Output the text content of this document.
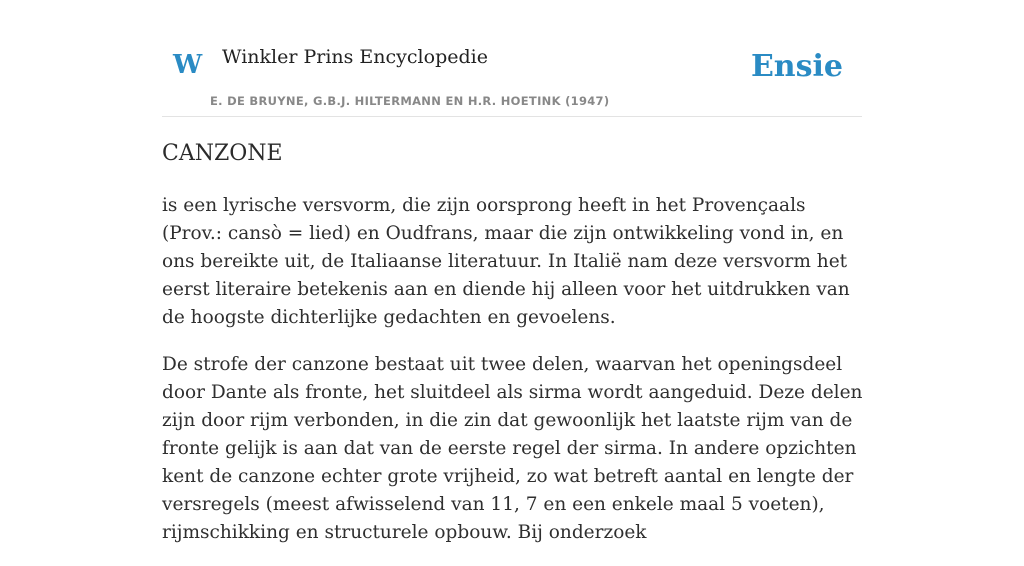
W Winkler Prins Encyclopedie
E. DE BRUYNE, G.B.J. HILTERMANN EN H.R. HOETINK (1947)
Ensie
CANZONE

is een lyrische versvorm, die zijn oorsprong heeft in het Provençaals (Prov.: cansò = lied) en Oudfrans, maar die zijn ontwikkeling vond in, en ons bereikte uit, de Italiaanse literatuur. In Italië nam deze versvorm het eerst literaire betekenis aan en diende hij alleen voor het uitdrukken van de hoogste dichterlijke gedachten en gevoelens.

De strofe der canzone bestaat uit twee delen, waarvan het openingsdeel door Dante als fronte, het sluitdeel als sirma wordt aangeduid. Deze delen zijn door rijm verbonden, in die zin dat gewoonlijk het laatste rijm van de fronte gelijk is aan dat van de eerste regel der sirma. In andere opzichten kent de canzone echter grote vrijheid, zo wat betreft aantal en lengte der versregels (meest afwisselend van 11, 7 en een enkele maal 5 voeten), rijmschikking en structurele opbouw. Bij onderzoek
